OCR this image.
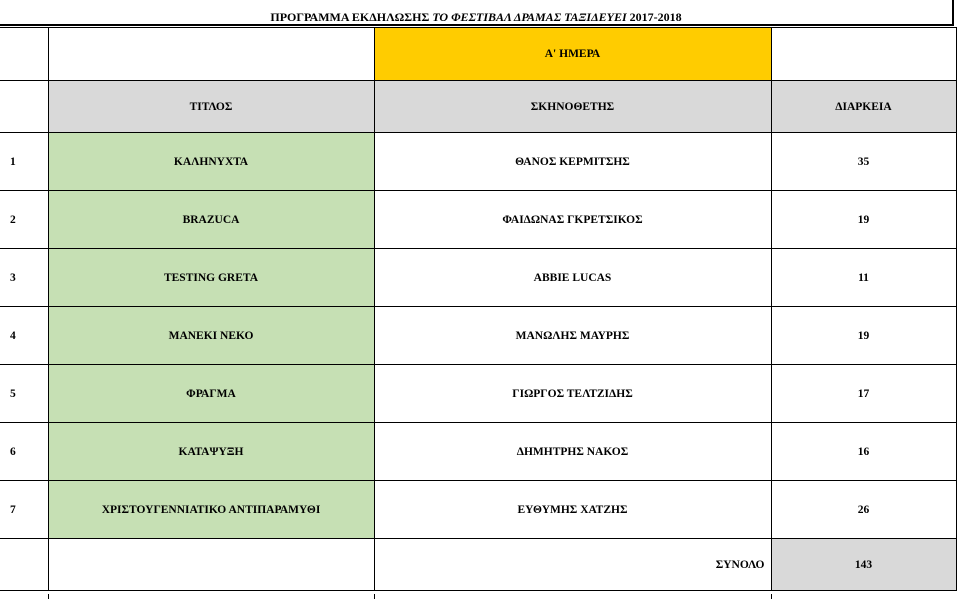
ΠΡΟΓΡΑΜΜΑ ΕΚΔΗΛΩΣΗΣ ΤΟ ΦΕΣΤΙΒΑΛ ΔΡΑΜΑΣ ΤΑΞΙΔΕΥΕΙ 2017-2018
		Α' ΗΜΕΡΑ	
	ΤΙΤΛΟΣ	ΣΚΗΝΟΘΕΤΗΣ	ΔΙΑΡΚΕΙΑ
1	ΚΑΛΗΝΥΧΤΑ	ΘΑΝΟΣ ΚΕΡΜΙΤΣΗΣ	35
2	BRAZUCA	ΦΑΙΔΩΝΑΣ ΓΚΡΕΤΣΙΚΟΣ	19
3	TESTING GRETA	ABBIE LUCAS	11
4	ΜΑΝΕΚΙ ΝΕΚΟ	ΜΑΝΩΛΗΣ ΜΑΥΡΗΣ	19
5	ΦΡΑΓΜΑ	ΓΙΩΡΓΟΣ ΤΕΛΤΖΙΔΗΣ	17
6	ΚΑΤΑΨΥΞΗ	ΔΗΜΗΤΡΗΣ ΝΑΚΟΣ	16
7	ΧΡΙΣΤΟΥΓΕΝΝΙΑΤΙΚΟ ΑΝΤΙΠΑΡΑΜΥΘΙ	ΕΥΘΥΜΗΣ ΧΑΤΖΗΣ	26
		ΣΥΝΟΛΟ	143
